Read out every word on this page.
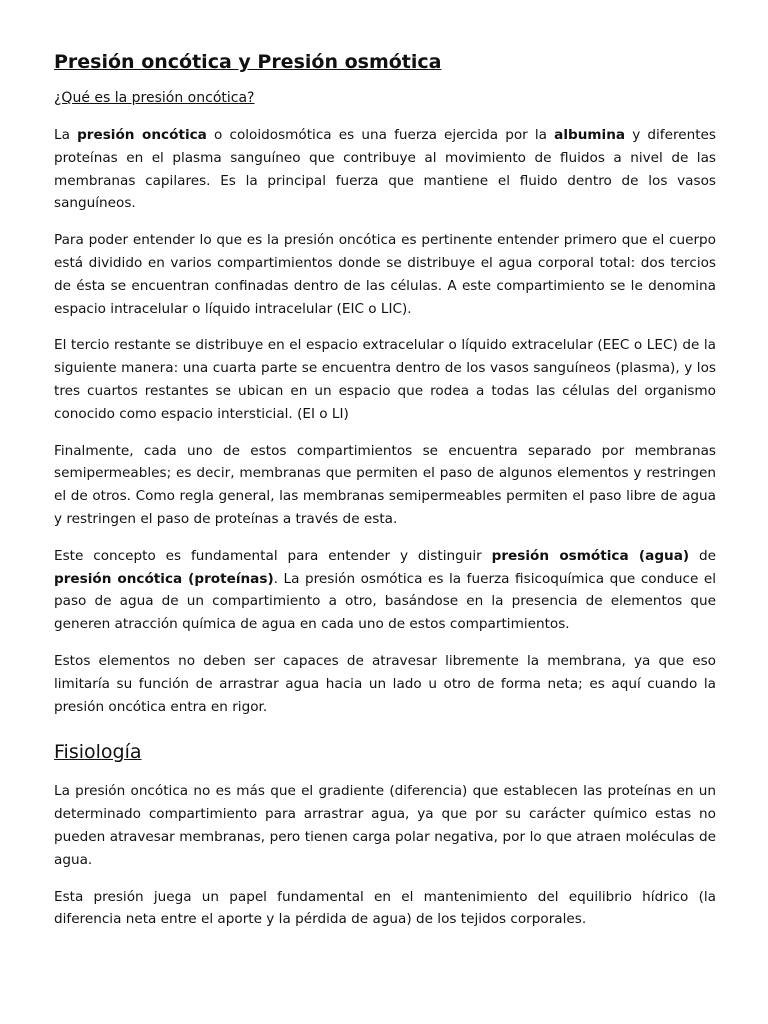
Presión oncótica y Presión osmótica
¿Qué es la presión oncótica?

La presión oncótica o coloidosmótica es una fuerza ejercida por la albumina y diferentes proteínas en el plasma sanguíneo que contribuye al movimiento de fluidos a nivel de las membranas capilares. Es la principal fuerza que mantiene el fluido dentro de los vasos sanguíneos.

Para poder entender lo que es la presión oncótica es pertinente entender primero que el cuerpo está dividido en varios compartimientos donde se distribuye el agua corporal total: dos tercios de ésta se encuentran confinadas dentro de las células. A este compartimiento se le denomina espacio intracelular o líquido intracelular (EIC o LIC).

El tercio restante se distribuye en el espacio extracelular o líquido extracelular (EEC o LEC) de la siguiente manera: una cuarta parte se encuentra dentro de los vasos sanguíneos (plasma), y los tres cuartos restantes se ubican en un espacio que rodea a todas las células del organismo conocido como espacio intersticial. (EI o LI)

Finalmente, cada uno de estos compartimientos se encuentra separado por membranas semipermeables; es decir, membranas que permiten el paso de algunos elementos y restringen el de otros. Como regla general, las membranas semipermeables permiten el paso libre de agua y restringen el paso de proteínas a través de esta.

Este concepto es fundamental para entender y distinguir presión osmótica (agua) de presión oncótica (proteínas). La presión osmótica es la fuerza fisicoquímica que conduce el paso de agua de un compartimiento a otro, basándose en la presencia de elementos que generen atracción química de agua en cada uno de estos compartimientos.

Estos elementos no deben ser capaces de atravesar libremente la membrana, ya que eso limitaría su función de arrastrar agua hacia un lado u otro de forma neta; es aquí cuando la presión oncótica entra en rigor.

Fisiología

La presión oncótica no es más que el gradiente (diferencia) que establecen las proteínas en un determinado compartimiento para arrastrar agua, ya que por su carácter químico estas no pueden atravesar membranas, pero tienen carga polar negativa, por lo que atraen moléculas de agua.

Esta presión juega un papel fundamental en el mantenimiento del equilibrio hídrico (la diferencia neta entre el aporte y la pérdida de agua) de los tejidos corporales.
